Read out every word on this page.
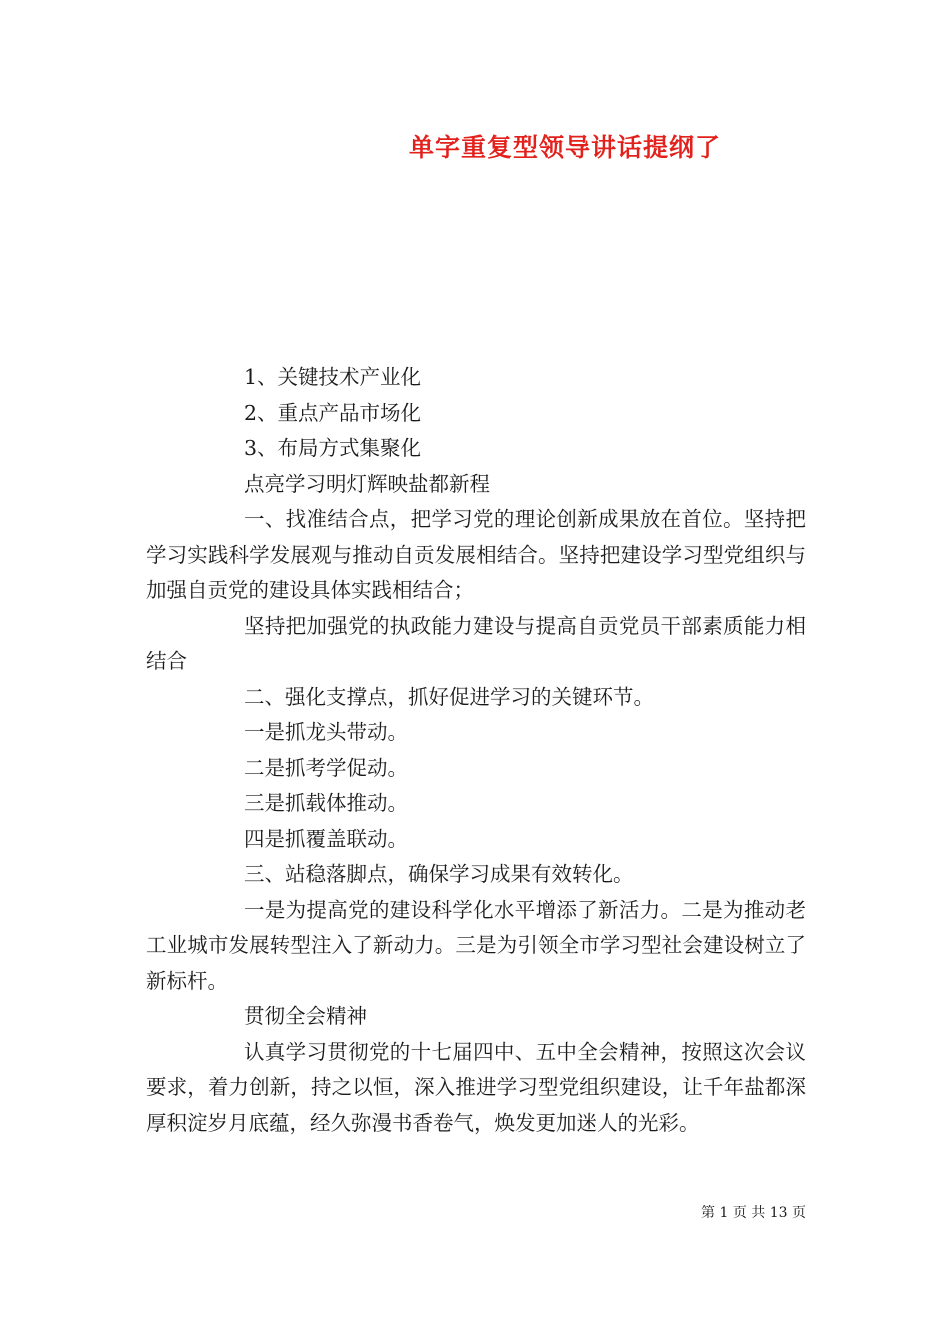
单字重复型领导讲话提纲了

1、关键技术产业化

2、重点产品市场化

3、布局方式集聚化

点亮学习明灯辉映盐都新程

一、找准结合点，把学习党的理论创新成果放在首位。坚持把学习实践科学发展观与推动自贡发展相结合。坚持把建设学习型党组织与加强自贡党的建设具体实践相结合；

坚持把加强党的执政能力建设与提高自贡党员干部素质能力相结合

二、强化支撑点，抓好促进学习的关键环节。

一是抓龙头带动。

二是抓考学促动。

三是抓载体推动。

四是抓覆盖联动。

三、站稳落脚点，确保学习成果有效转化。

一是为提高党的建设科学化水平增添了新活力。二是为推动老工业城市发展转型注入了新动力。三是为引领全市学习型社会建设树立了新标杆。

贯彻全会精神

认真学习贯彻党的十七届四中、五中全会精神，按照这次会议要求，着力创新，持之以恒，深入推进学习型党组织建设，让千年盐都深厚积淀岁月底蕴，经久弥漫书香卷气，焕发更加迷人的光彩。

第 1 页 共 13 页
